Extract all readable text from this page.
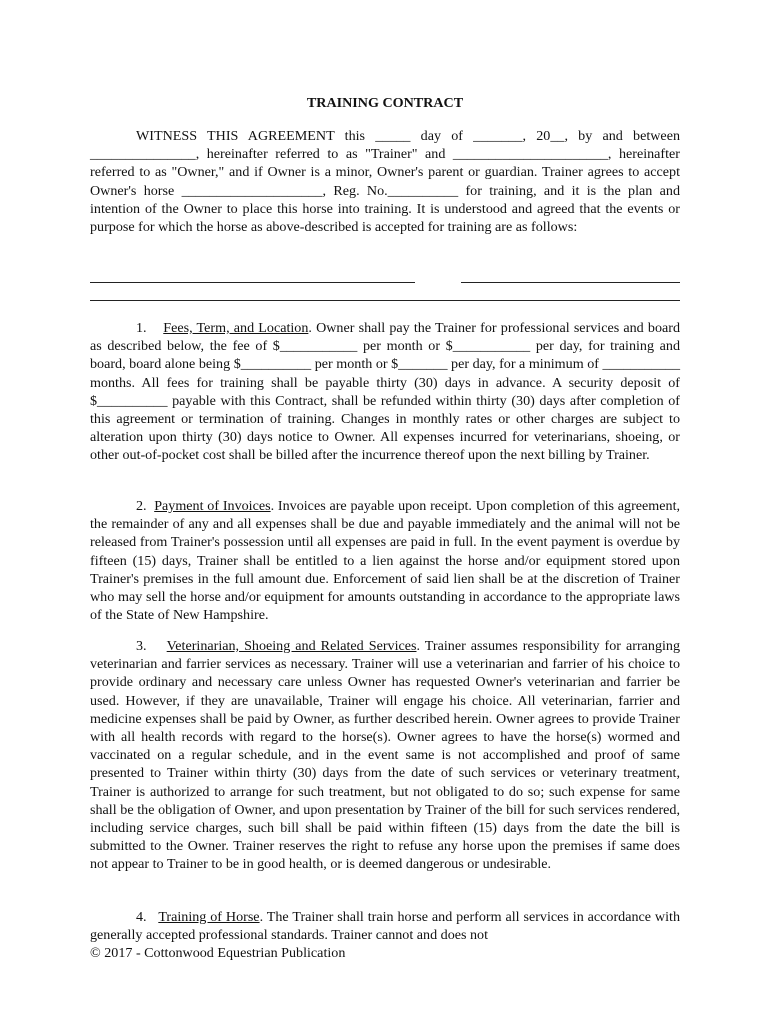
TRAINING CONTRACT
WITNESS THIS AGREEMENT this _____ day of _______, 20__, by and between _______________, hereinafter referred to as "Trainer" and ______________________, hereinafter referred to as "Owner," and if Owner is a minor, Owner's parent or guardian. Trainer agrees to accept Owner's horse ____________________, Reg. No.__________ for training, and it is the plan and intention of the Owner to place this horse into training. It is understood and agreed that the events or purpose for which the horse as above-described is accepted for training are as follows:
1. Fees, Term, and Location. Owner shall pay the Trainer for professional services and board as described below, the fee of $___________ per month or $___________ per day, for training and board, board alone being $__________ per month or $_______ per day, for a minimum of ___________ months. All fees for training shall be payable thirty (30) days in advance. A security deposit of $__________ payable with this Contract, shall be refunded within thirty (30) days after completion of this agreement or termination of training. Changes in monthly rates or other charges are subject to alteration upon thirty (30) days notice to Owner. All expenses incurred for veterinarians, shoeing, or other out-of-pocket cost shall be billed after the incurrence thereof upon the next billing by Trainer.
2. Payment of Invoices. Invoices are payable upon receipt. Upon completion of this agreement, the remainder of any and all expenses shall be due and payable immediately and the animal will not be released from Trainer's possession until all expenses are paid in full. In the event payment is overdue by fifteen (15) days, Trainer shall be entitled to a lien against the horse and/or equipment stored upon Trainer's premises in the full amount due. Enforcement of said lien shall be at the discretion of Trainer who may sell the horse and/or equipment for amounts outstanding in accordance to the appropriate laws of the State of New Hampshire.
3. Veterinarian, Shoeing and Related Services. Trainer assumes responsibility for arranging veterinarian and farrier services as necessary. Trainer will use a veterinarian and farrier of his choice to provide ordinary and necessary care unless Owner has requested Owner's veterinarian and farrier be used. However, if they are unavailable, Trainer will engage his choice. All veterinarian, farrier and medicine expenses shall be paid by Owner, as further described herein. Owner agrees to provide Trainer with all health records with regard to the horse(s). Owner agrees to have the horse(s) wormed and vaccinated on a regular schedule, and in the event same is not accomplished and proof of same presented to Trainer within thirty (30) days from the date of such services or veterinary treatment, Trainer is authorized to arrange for such treatment, but not obligated to do so; such expense for same shall be the obligation of Owner, and upon presentation by Trainer of the bill for such services rendered, including service charges, such bill shall be paid within fifteen (15) days from the date the bill is submitted to the Owner. Trainer reserves the right to refuse any horse upon the premises if same does not appear to Trainer to be in good health, or is deemed dangerous or undesirable.
4. Training of Horse. The Trainer shall train horse and perform all services in accordance with generally accepted professional standards. Trainer cannot and does not
© 2017 - Cottonwood Equestrian Publication
